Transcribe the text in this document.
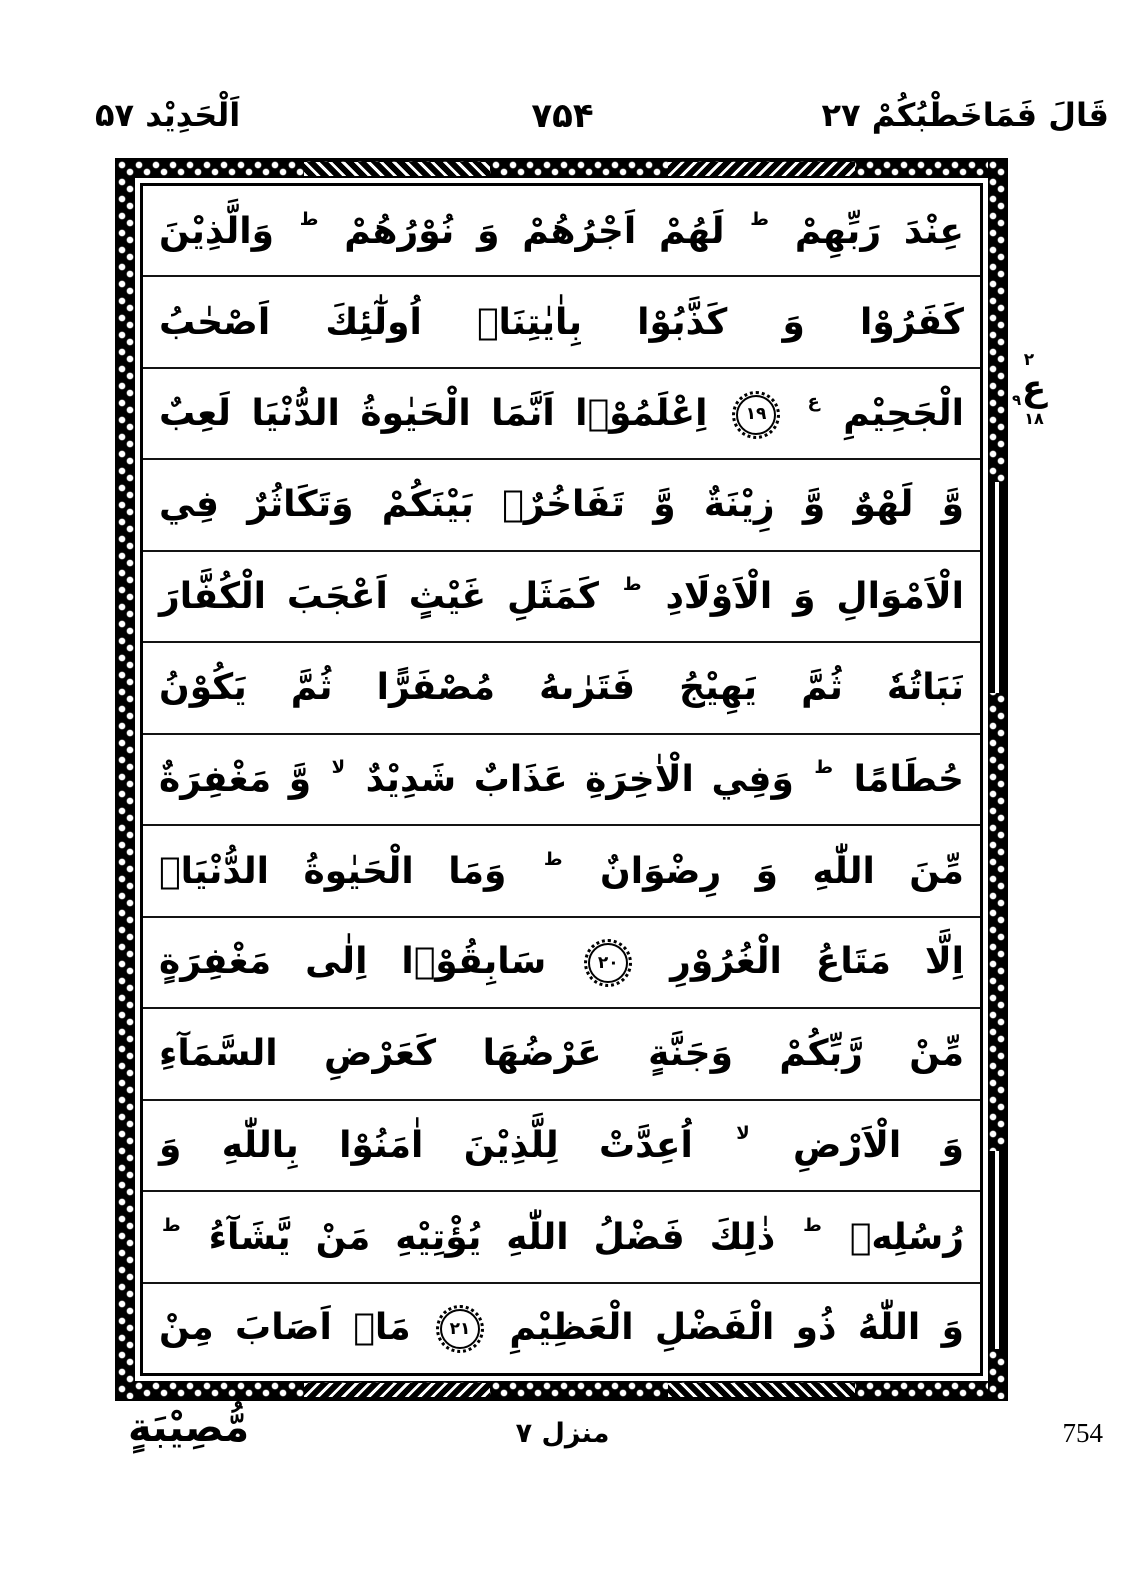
اَلْحَدِيْد ۵۷	۷۵۴	قَالَ فَمَاخَطْبُكُمْ ۲۷
عِنْدَ رَبِّهِمْ $^ط$ لَهُمْ اَجْرُهُمْ وَ نُوْرُهُمْ $^ط$ وَالَّذِيْنَ
كَفَرُوْا وَ كَذَّبُوْا بِاٰيٰتِنَاۤ اُولٰٓئِكَ اَصْحٰبُ
الْجَحِيْمِ $^ع$ ۱۹ اِعْلَمُوْۤا اَنَّمَا الْحَيٰوةُ الدُّنْيَا لَعِبٌ
وَّ لَهْوٌ وَّ زِيْنَةٌ وَّ تَفَاخُرٌۢ بَيْنَكُمْ وَتَكَاثُرٌ فِي
الْاَمْوَالِ وَ الْاَوْلَادِ $^ط$ كَمَثَلِ غَيْثٍ اَعْجَبَ الْكُفَّارَ
نَبَاتُهٗ ثُمَّ يَهِيْجُ فَتَرٰىهُ مُصْفَرًّا ثُمَّ يَكُوْنُ
حُطَامًا $^ط$ وَفِي الْاٰخِرَةِ عَذَابٌ شَدِيْدٌ $^{لا}$ وَّ مَغْفِرَةٌ
مِّنَ اللّٰهِ وَ رِضْوَانٌ $^ط$ وَمَا الْحَيٰوةُ الدُّنْيَاۤ
اِلَّا مَتَاعُ الْغُرُوْرِ ۲۰ سَابِقُوْۤا اِلٰى مَغْفِرَةٍ
مِّنْ رَّبِّكُمْ وَجَنَّةٍ عَرْضُهَا كَعَرْضِ السَّمَآءِ
وَ الْاَرْضِ $^{لا}$ اُعِدَّتْ لِلَّذِيْنَ اٰمَنُوْا بِاللّٰهِ وَ
رُسُلِهٖ $^ط$ ذٰلِكَ فَضْلُ اللّٰهِ يُؤْتِيْهِ مَنْ يَّشَآءُ $^ط$
وَ اللّٰهُ ذُو الْفَضْلِ الْعَظِيْمِ ۲۱ مَاۤ اَصَابَ مِنْ
۲
ع
۹
۱۸
مُّصِيْبَةٍ	منزل ۷	754
